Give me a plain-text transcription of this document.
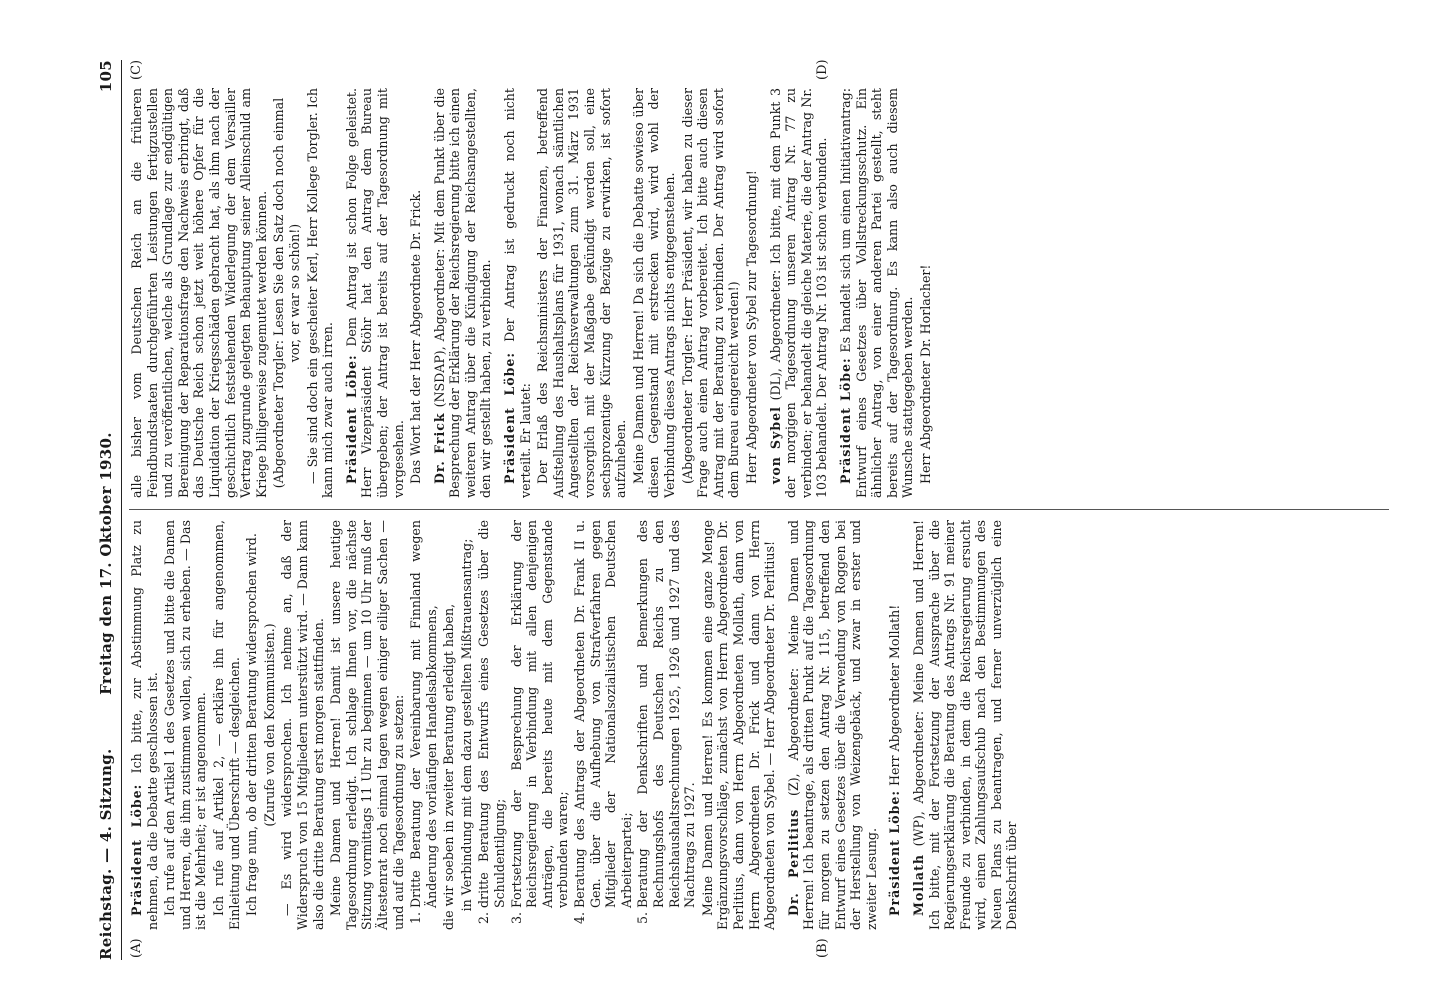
Reichstag. — 4. Sitzung.
Freitag den 17. Oktober 1930.105
(A)	(B)
(C)	(D)

Präsident Löbe: Ich bitte, zur Abstimmung Platz zu nehmen, da die Debatte geschlossen ist. Ich rufe auf den Artikel 1 des Gesetzes und bitte die Damen und Herren, die ihm zustimmen wollen, sich zu erheben. — Das ist die Mehrheit; er ist angenommen. Ich rufe auf Artikel 2, — erkläre ihn für angenommen, Einleitung und Überschrift — desgleichen. Ich frage nun, ob der dritten Beratung widersprochen wird. (Zurufe von den Kommunisten.) — Es wird widersprochen. Ich nehme an, daß der Widerspruch von 15 Mitgliedern unterstützt wird. — Dann kann also die dritte Beratung erst morgen stattfinden. Meine Damen und Herren! Damit ist unsere heutige Tagesordnung erledigt. Ich schlage Ihnen vor, die nächste Sitzung vormittags 11 Uhr zu beginnen — um 10 Uhr muß der Ältestenrat noch einmal tagen wegen einiger eiliger Sachen — und auf die Tagesordnung zu setzen: 1. Dritte Beratung der Vereinbarung mit Finnland wegen Änderung des vorläufigen Handelsabkommens, die wir soeben in zweiter Beratung erledigt haben, in Verbindung mit dem dazu gestellten Mißtrauensantrag; 2. dritte Beratung des Entwurfs eines Gesetzes über die Schuldentilgung; 3. Fortsetzung der Besprechung der Erklärung der Reichsregierung in Verbindung mit allen denjenigen Anträgen, die bereits heute mit dem Gegenstande verbunden waren; 4. Beratung des Antrags der Abgeordneten Dr. Frank II u. Gen. über die Aufhebung von Strafverfahren gegen Mitglieder der Nationalsozialistischen Deutschen Arbeiterpartei; 5. Beratung der Denkschriften und Bemerkungen des Rechnungshofs des Deutschen Reichs zu den Reichshaushaltsrechnungen 1925, 1926 und 1927 und des Nachtrags zu 1927. Meine Damen und Herren! Es kommen eine ganze Menge Ergänzungsvorschläge, zunächst von Herrn Abgeordneten Dr. Perlitius, dann von Herrn Abgeordneten Mollath, dann von Herrn Abgeordneten Dr. Frick und dann von Herrn Abgeordneten von Sybel. — Herr Abgeordneter Dr. Perlitius! Dr. Perlitius (Z), Abgeordneter: Meine Damen und Herren! Ich beantrage, als dritten Punkt auf die Tagesordnung für morgen zu setzen den Antrag Nr. 115, betreffend den Entwurf eines Gesetzes über die Verwendung von Roggen bei der Herstellung von Weizengebäck, und zwar in erster und zweiter Lesung. Präsident Löbe: Herr Abgeordneter Mollath!

Mollath (WP), Abgeordneter: Meine Damen und Herren! Ich bitte, mit der Fortsetzung der Aussprache über die Regierungserklärung die Beratung des Antrags Nr. 91 meiner Freunde zu verbinden, in dem die Reichsregierung ersucht wird, einen Zahlungsaufschub nach den Bestimmungen des Neuen Plans zu beantragen, und ferner unverzüglich eine Denkschrift über

alle bisher vom Deutschen Reich an die früheren Feindbundstaaten durchgeführten Leistungen fertigzustellen und zu veröffentlichen, welche als Grundlage zur endgültigen Bereinigung der Reparationsfrage den Nachweis erbringt, daß das Deutsche Reich schon jetzt weit höhere Opfer für die Liquidation der Kriegsschäden gebracht hat, als ihm nach der geschichtlich feststehenden Widerlegung der dem Versailler Vertrag zugrunde gelegten Behauptung seiner Alleinschuld am Kriege billigerweise zugemutet werden können. (Abgeordneter Torgler: Lesen Sie den Satz doch noch einmal vor, er war so schön!) — Sie sind doch ein gescheiter Kerl, Herr Kollege Torgler. Ich kann mich zwar auch irren. Präsident Löbe: Dem Antrag ist schon Folge geleistet. Herr Vizepräsident Stöhr hat den Antrag dem Bureau übergeben; der Antrag ist bereits auf der Tagesordnung mit vorgesehen. Das Wort hat der Herr Abgeordnete Dr. Frick. Dr. Frick (NSDAP), Abgeordneter: Mit dem Punkt über die Besprechung der Erklärung der Reichsregierung bitte ich einen weiteren Antrag über die Kündigung der Reichsangestellten, den wir gestellt haben, zu verbinden. Präsident Löbe: Der Antrag ist gedruckt noch nicht verteilt. Er lautet: Der Erlaß des Reichsministers der Finanzen, betreffend Aufstellung des Haushaltsplans für 1931, wonach sämtlichen Angestellten der Reichsverwaltungen zum 31. März 1931 vorsorglich mit der Maßgabe gekündigt werden soll, eine sechsprozentige Kürzung der Bezüge zu erwirken, ist sofort aufzuheben. Meine Damen und Herren! Da sich die Debatte sowieso über diesen Gegenstand mit erstrecken wird, wird wohl der Verbindung dieses Antrags nichts entgegenstehen. (Abgeordneter Torgler: Herr Präsident, wir haben zu dieser Frage auch einen Antrag vorbereitet. Ich bitte auch diesen Antrag mit der Beratung zu verbinden. Der Antrag wird sofort dem Bureau eingereicht werden!) Herr Abgeordneter von Sybel zur Tagesordnung! von Sybel (DL), Abgeordneter: Ich bitte, mit dem Punkt 3 der morgigen Tagesordnung unseren Antrag Nr. 77 zu verbinden; er behandelt die gleiche Materie, die der Antrag Nr. 103 behandelt. Der Antrag Nr. 103 ist schon verbunden. Präsident Löbe: Es handelt sich um einen Initiativantrag: Entwurf eines Gesetzes über Vollstreckungsschutz. Ein ähnlicher Antrag, von einer anderen Partei gestellt, steht bereits auf der Tagesordnung. Es kann also auch diesem Wunsche stattgegeben werden. Herr Abgeordneter Dr. Horlacher!
